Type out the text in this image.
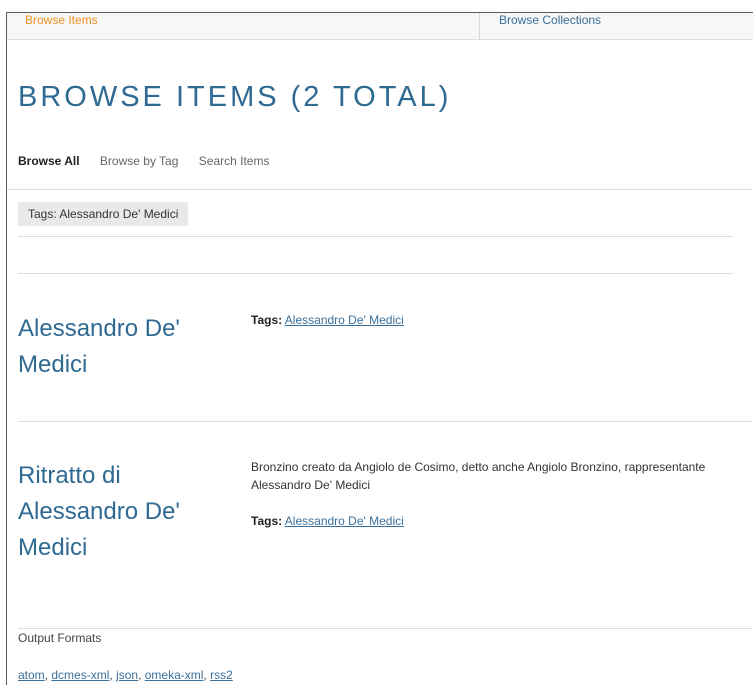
Browse Items	Browse Collections
BROWSE ITEMS (2 TOTAL)
Browse All Browse by Tag Search Items
Tags: Alessandro De' Medici
Alessandro De'
Medici
Tags: Alessandro De' Medici
Ritratto di
Alessandro De'
Medici
Bronzino creato da Angiolo de Cosimo, detto anche Angiolo Bronzino, rappresentante Alessandro De' Medici
Tags: Alessandro De' Medici
Output Formats
atom, dcmes-xml, json, omeka-xml, rss2
